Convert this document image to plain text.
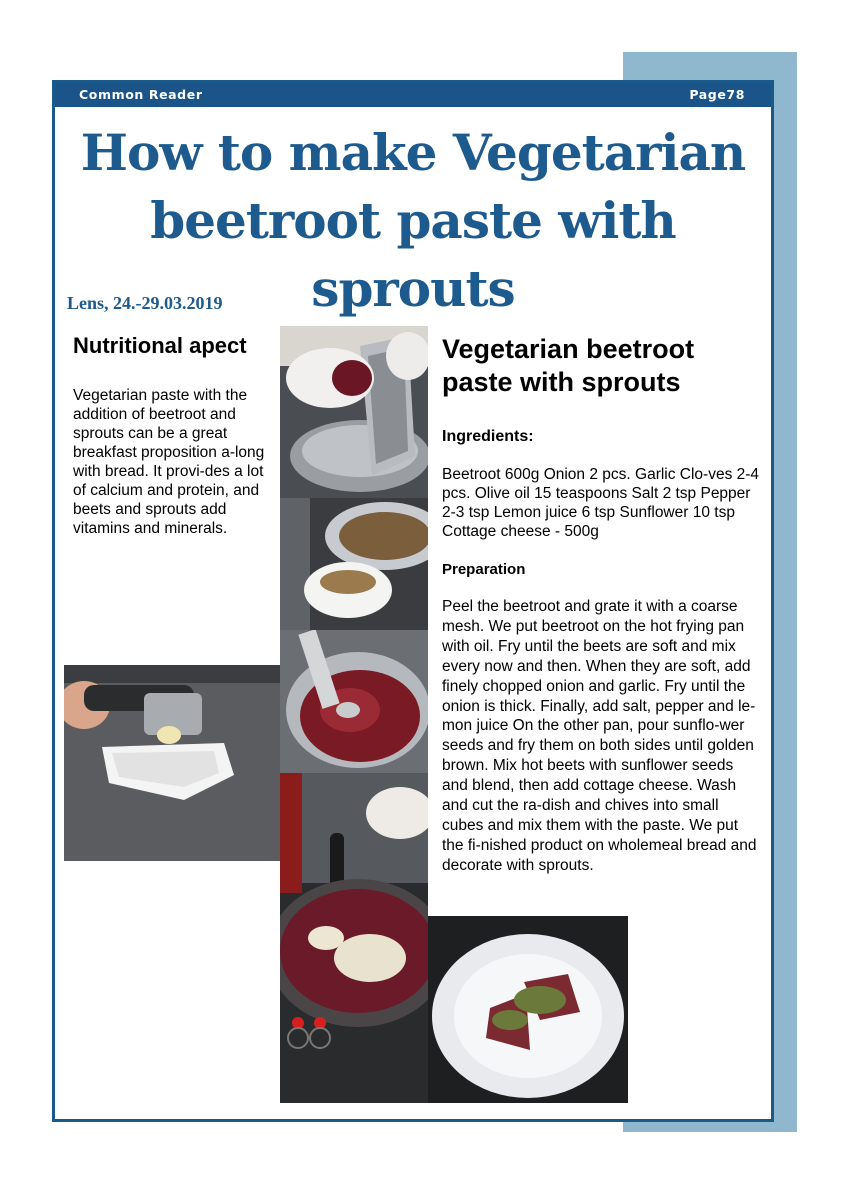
Common Reader	Page78
How to make Vegetarian beetroot paste with sprouts
Lens, 24.-29.03.2019
Nutritional apect

Vegetarian paste with the addition of beetroot and sprouts can be a great breakfast proposition a-long with bread. It provi-des a lot of calcium and protein, and beets and sprouts add vitamins and minerals.

Vegetarian beetroot paste with sprouts
Ingredients:

Beetroot 600g Onion 2 pcs. Garlic Clo-ves 2-4 pcs. Olive oil 15 teaspoons Salt 2 tsp Pepper 2-3 tsp Lemon juice 6 tsp Sunflower 10 tsp Cottage cheese - 500g

Preparation

Peel the beetroot and grate it with a coarse mesh. We put beetroot on the hot frying pan with oil. Fry until the beets are soft and mix every now and then. When they are soft, add finely chopped onion and garlic. Fry until the onion is thick. Finally, add salt, pepper and le-mon juice On the other pan, pour sunflo-wer seeds and fry them on both sides until golden brown. Mix hot beets with sunflower seeds and blend, then add cottage cheese. Wash and cut the ra-dish and chives into small cubes and mix them with the paste. We put the fi-nished product on wholemeal bread and decorate with sprouts.
